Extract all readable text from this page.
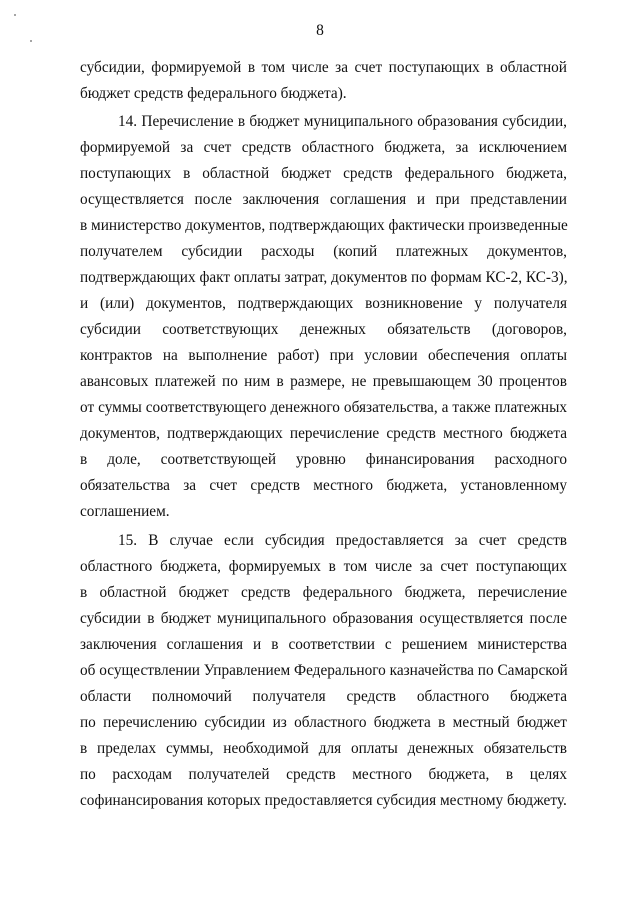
8
субсидии, формируемой в том числе за счет поступающих в областной
бюджет средств федерального бюджета).
14. Перечисление в бюджет муниципального образования субсидии,
формируемой за счет средств областного бюджета, за исключением
поступающих в областной бюджет средств федерального бюджета,
осуществляется после заключения соглашения и при представлении
в министерство документов, подтверждающих фактически произведенные
получателем субсидии расходы (копий платежных документов,
подтверждающих факт оплаты затрат, документов по формам КС-2, КС-3),
и (или) документов, подтверждающих возникновение у получателя
субсидии соответствующих денежных обязательств (договоров,
контрактов на выполнение работ) при условии обеспечения оплаты
авансовых платежей по ним в размере, не превышающем 30 процентов
от суммы соответствующего денежного обязательства, а также платежных
документов, подтверждающих перечисление средств местного бюджета
в доле, соответствующей уровню финансирования расходного
обязательства за счет средств местного бюджета, установленному
соглашением.
15. В случае если субсидия предоставляется за счет средств
областного бюджета, формируемых в том числе за счет поступающих
в областной бюджет средств федерального бюджета, перечисление
субсидии в бюджет муниципального образования осуществляется после
заключения соглашения и в соответствии с решением министерства
об осуществлении Управлением Федерального казначейства по Самарской
области полномочий получателя средств областного бюджета
по перечислению субсидии из областного бюджета в местный бюджет
в пределах суммы, необходимой для оплаты денежных обязательств
по расходам получателей средств местного бюджета, в целях
софинансирования которых предоставляется субсидия местному бюджету.
